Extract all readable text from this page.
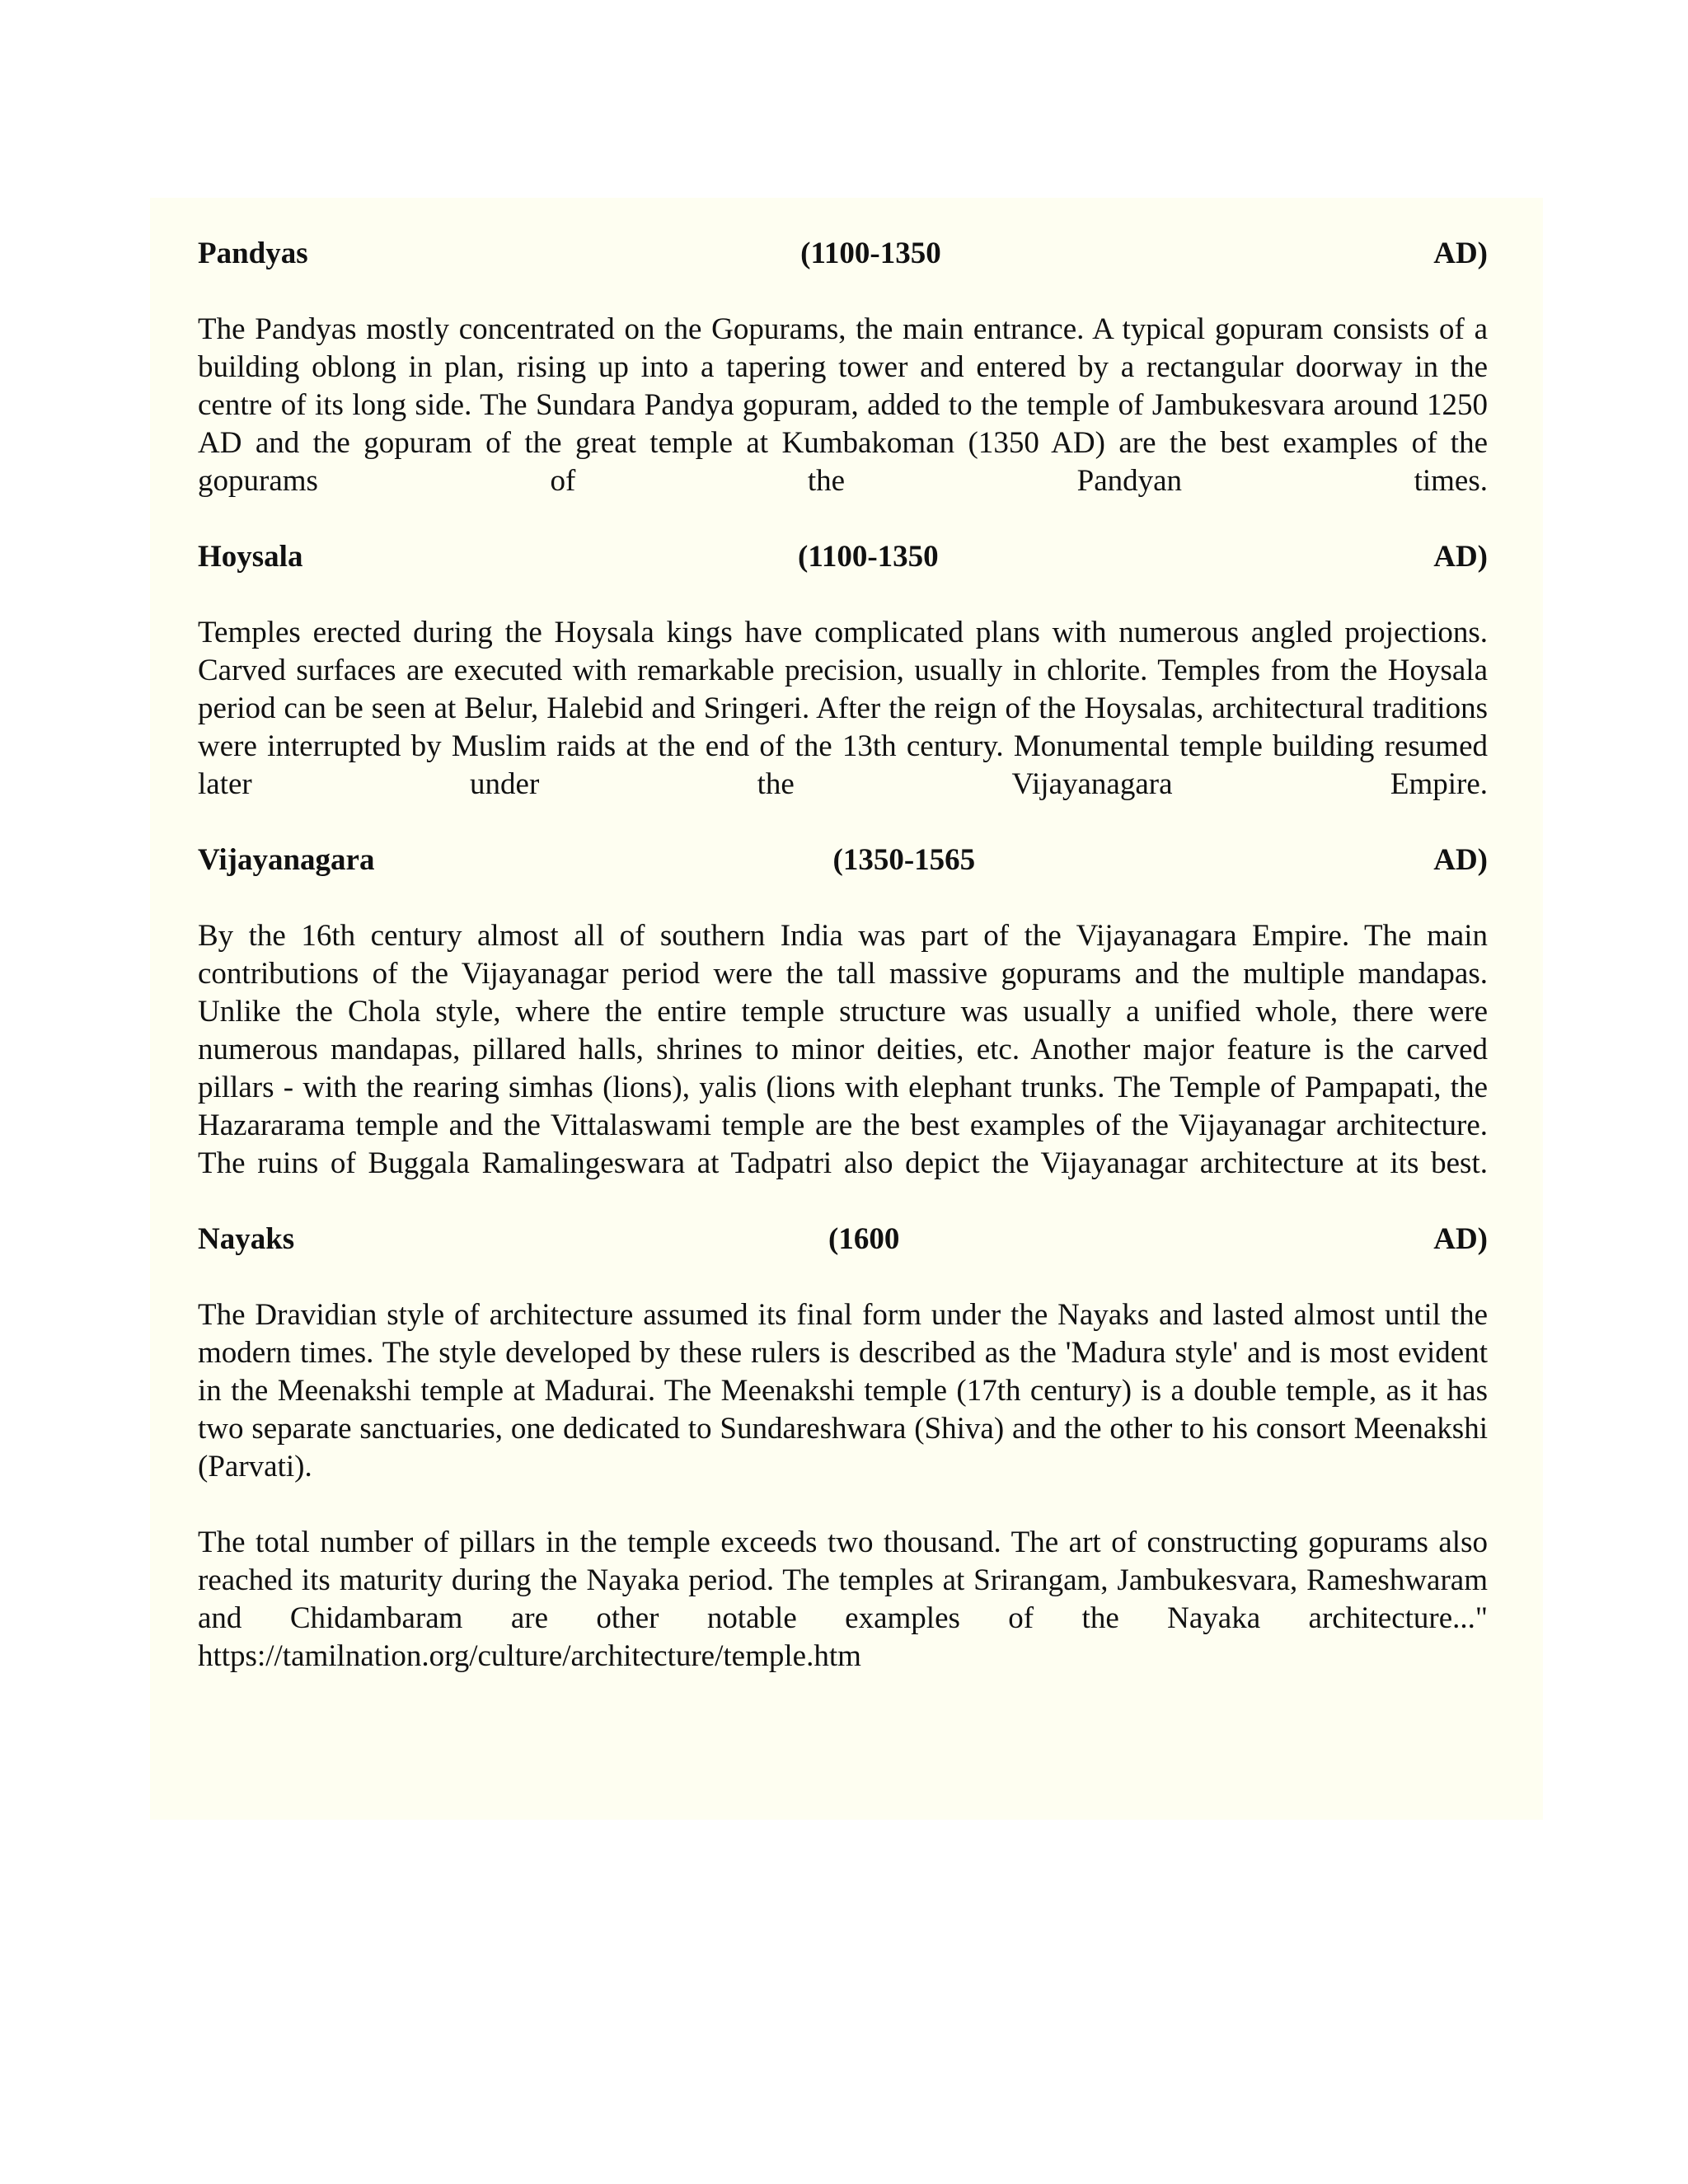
Pandyas	(1100-1350	AD)

The Pandyas mostly concentrated on the Gopurams, the main entrance. A typical gopuram consists of a building oblong in plan, rising up into a tapering tower and entered by a rectangular doorway in the centre of its long side. The Sundara Pandya gopuram, added to the temple of Jambukesvara around 1250 AD and the gopuram of the great temple at Kumbakoman (1350 AD) are the best examples of the gopurams of the Pandyan times.

Hoysala	(1100-1350	AD)

Temples erected during the Hoysala kings have complicated plans with numerous angled projections. Carved surfaces are executed with remarkable precision, usually in chlorite. Temples from the Hoysala period can be seen at Belur, Halebid and Sringeri. After the reign of the Hoysalas, architectural traditions were interrupted by Muslim raids at the end of the 13th century. Monumental temple building resumed later under the Vijayanagara Empire.

Vijayanagara	(1350-1565	AD)

By the 16th century almost all of southern India was part of the Vijayanagara Empire. The main contributions of the Vijayanagar period were the tall massive gopurams and the multiple mandapas. Unlike the Chola style, where the entire temple structure was usually a unified whole, there were numerous mandapas, pillared halls, shrines to minor deities, etc. Another major feature is the carved pillars - with the rearing simhas (lions), yalis (lions with elephant trunks. The Temple of Pampapati, the Hazararama temple and the Vittalaswami temple are the best examples of the Vijayanagar architecture. The ruins of Buggala Ramalingeswara at Tadpatri also depict the Vijayanagar architecture at its best.

Nayaks	(1600	AD)

The Dravidian style of architecture assumed its final form under the Nayaks and lasted almost until the modern times. The style developed by these rulers is described as the 'Madura style' and is most evident in the Meenakshi temple at Madurai. The Meenakshi temple (17th century) is a double temple, as it has two separate sanctuaries, one dedicated to Sundareshwara (Shiva) and the other to his consort Meenakshi (Parvati).

The total number of pillars in the temple exceeds two thousand. The art of constructing gopurams also reached its maturity during the Nayaka period. The temples at Srirangam, Jambukesvara, Rameshwaram and Chidambaram are other notable examples of the Nayaka architecture..." https://tamilnation.org/culture/architecture/temple.htm
